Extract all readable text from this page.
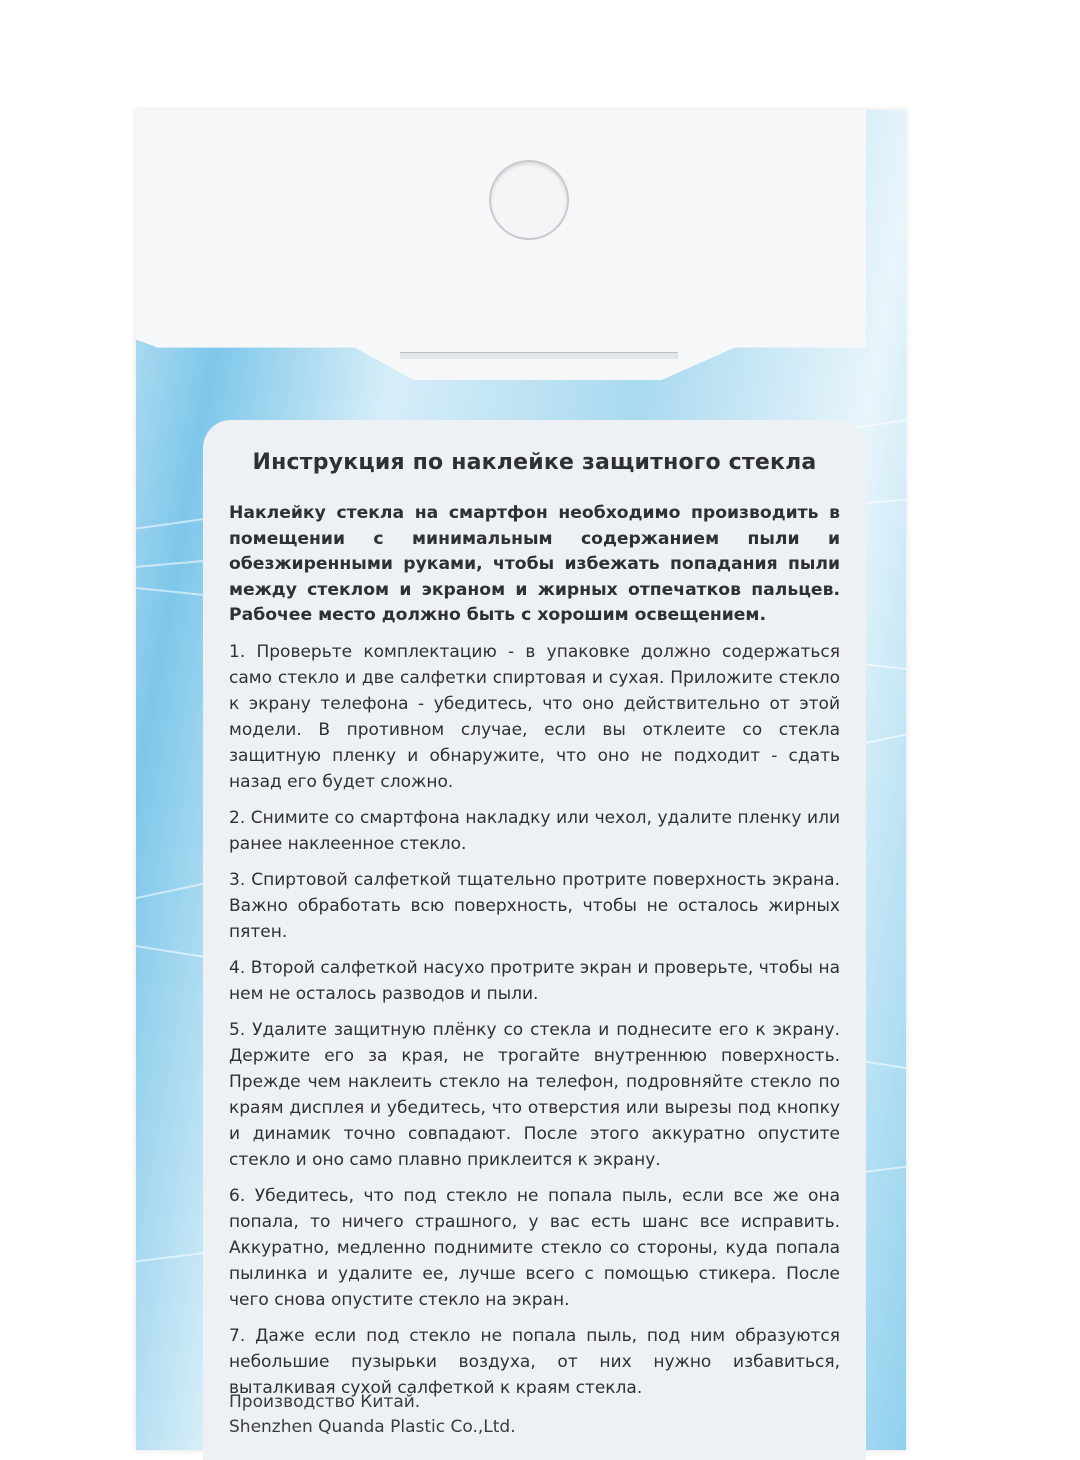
Инструкция по наклейке защитного стекла
Наклейку стекла на смартфон необходимо производить в помещении с минимальным содержанием пыли и обезжиренными руками, чтобы избежать попадания пыли между стеклом и экраном и жирных отпечатков пальцев. Рабочее место должно быть с хорошим освещением.
1. Проверьте комплектацию - в упаковке должно содержаться само стекло и две салфетки спиртовая и сухая. Приложите стекло к экрану телефона - убедитесь, что оно действительно от этой модели. В противном случае, если вы отклеите со стекла защитную пленку и обнаружите, что оно не подходит - сдать назад его будет сложно.
2. Снимите со смартфона накладку или чехол, удалите пленку или ранее наклеенное стекло.
3. Спиртовой салфеткой тщательно протрите поверхность экрана. Важно обработать всю поверхность, чтобы не осталось жирных пятен.
4. Второй салфеткой насухо протрите экран и проверьте, чтобы на нем не осталось разводов и пыли.
5. Удалите защитную плёнку со стекла и поднесите его к экрану. Держите его за края, не трогайте внутреннюю поверхность. Прежде чем наклеить стекло на телефон, подровняйте стекло по краям дисплея и убедитесь, что отверстия или вырезы под кнопку и динамик точно совпадают. После этого аккуратно опустите стекло и оно само плавно приклеится к экрану.
6. Убедитесь, что под стекло не попала пыль, если все же она попала, то ничего страшного, у вас есть шанс все исправить. Аккуратно, медленно поднимите стекло со стороны, куда попала пылинка и удалите ее, лучше всего с помощью стикера. После чего снова опустите стекло на экран.
7. Даже если под стекло не попала пыль, под ним образуются небольшие пузырьки воздуха, от них нужно избавиться, выталкивая сухой салфеткой к краям стекла.
Производство Китай.
Shenzhen Quanda Plastic Co.,Ltd.
